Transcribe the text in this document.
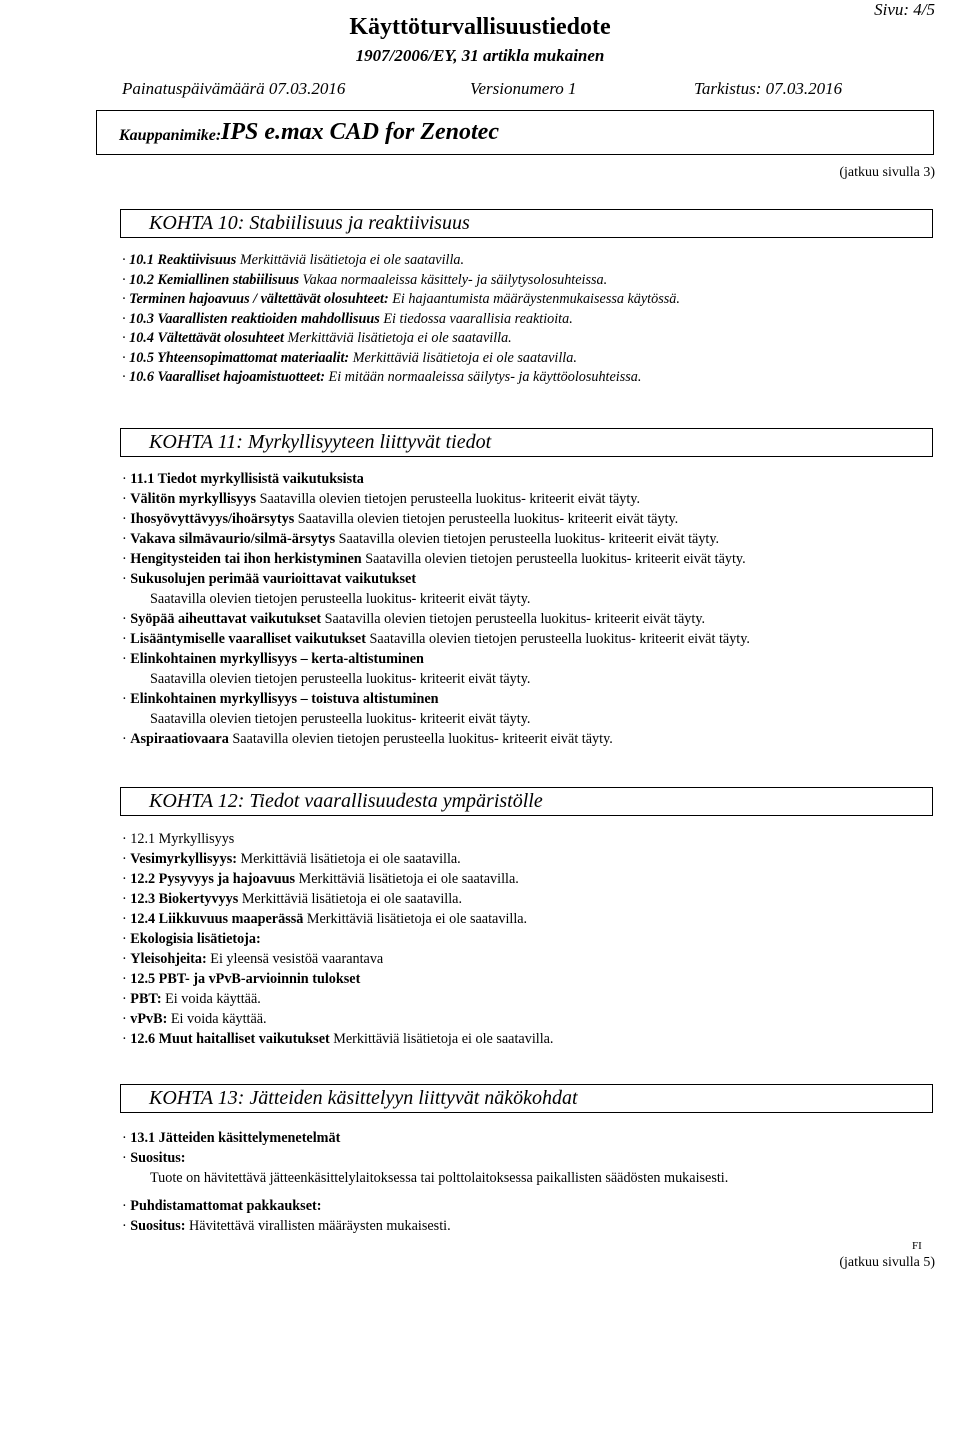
Sivu: 4/5
Käyttöturvallisuustiedote
1907/2006/EY, 31 artikla mukainen
Painatuspäivämäärä 07.03.2016	Versionumero 1	Tarkistus: 07.03.2016
Kauppanimike: IPS e.max CAD for Zenotec
(jatkuu sivulla 3)
KOHTA 10: Stabiilisuus ja reaktiivisuus
· 10.1 Reaktiivisuus Merkittäviä lisätietoja ei ole saatavilla.
· 10.2 Kemiallinen stabiilisuus Vakaa normaaleissa käsittely- ja säilytysolosuhteissa.
· Terminen hajoavuus / vältettävät olosuhteet: Ei hajaantumista määräystenmukaisessa käytössä.
· 10.3 Vaarallisten reaktioiden mahdollisuus Ei tiedossa vaarallisia reaktioita.
· 10.4 Vältettävät olosuhteet Merkittäviä lisätietoja ei ole saatavilla.
· 10.5 Yhteensopimattomat materiaalit: Merkittäviä lisätietoja ei ole saatavilla.
· 10.6 Vaaralliset hajoamistuotteet: Ei mitään normaaleissa säilytys- ja käyttöolosuhteissa.
KOHTA 11: Myrkyllisyyteen liittyvät tiedot
· 11.1 Tiedot myrkyllisistä vaikutuksista
· Välitön myrkyllisyys Saatavilla olevien tietojen perusteella luokitus- kriteerit eivät täyty.
· Ihosyövyttävyys/ihoärsytys Saatavilla olevien tietojen perusteella luokitus- kriteerit eivät täyty.
· Vakava silmävaurio/silmä-ärsytys Saatavilla olevien tietojen perusteella luokitus- kriteerit eivät täyty.
· Hengitysteiden tai ihon herkistyminen Saatavilla olevien tietojen perusteella luokitus- kriteerit eivät täyty.
· Sukusolujen perimää vaurioittavat vaikutukset
Saatavilla olevien tietojen perusteella luokitus- kriteerit eivät täyty.
· Syöpää aiheuttavat vaikutukset Saatavilla olevien tietojen perusteella luokitus- kriteerit eivät täyty.
· Lisääntymiselle vaaralliset vaikutukset Saatavilla olevien tietojen perusteella luokitus- kriteerit eivät täyty.
· Elinkohtainen myrkyllisyys – kerta-altistuminen
Saatavilla olevien tietojen perusteella luokitus- kriteerit eivät täyty.
· Elinkohtainen myrkyllisyys – toistuva altistuminen
Saatavilla olevien tietojen perusteella luokitus- kriteerit eivät täyty.
· Aspiraatiovaara Saatavilla olevien tietojen perusteella luokitus- kriteerit eivät täyty.
KOHTA 12: Tiedot vaarallisuudesta ympäristölle
· 12.1 Myrkyllisyys
· Vesimyrkyllisyys: Merkittäviä lisätietoja ei ole saatavilla.
· 12.2 Pysyvyys ja hajoavuus Merkittäviä lisätietoja ei ole saatavilla.
· 12.3 Biokertyvyys Merkittäviä lisätietoja ei ole saatavilla.
· 12.4 Liikkuvuus maaperässä Merkittäviä lisätietoja ei ole saatavilla.
· Ekologisia lisätietoja:
· Yleisohjeita: Ei yleensä vesistöä vaarantava
· 12.5 PBT- ja vPvB-arvioinnin tulokset
· PBT: Ei voida käyttää.
· vPvB: Ei voida käyttää.
· 12.6 Muut haitalliset vaikutukset Merkittäviä lisätietoja ei ole saatavilla.
KOHTA 13: Jätteiden käsittelyyn liittyvät näkökohdat
· 13.1 Jätteiden käsittelymenetelmät
· Suositus:
Tuote on hävitettävä jätteenkäsittelylaitoksessa tai polttolaitoksessa paikallisten säädösten mukaisesti.
· Puhdistamattomat pakkaukset:
· Suositus: Hävitettävä virallisten määräysten mukaisesti.
FI
(jatkuu sivulla 5)
